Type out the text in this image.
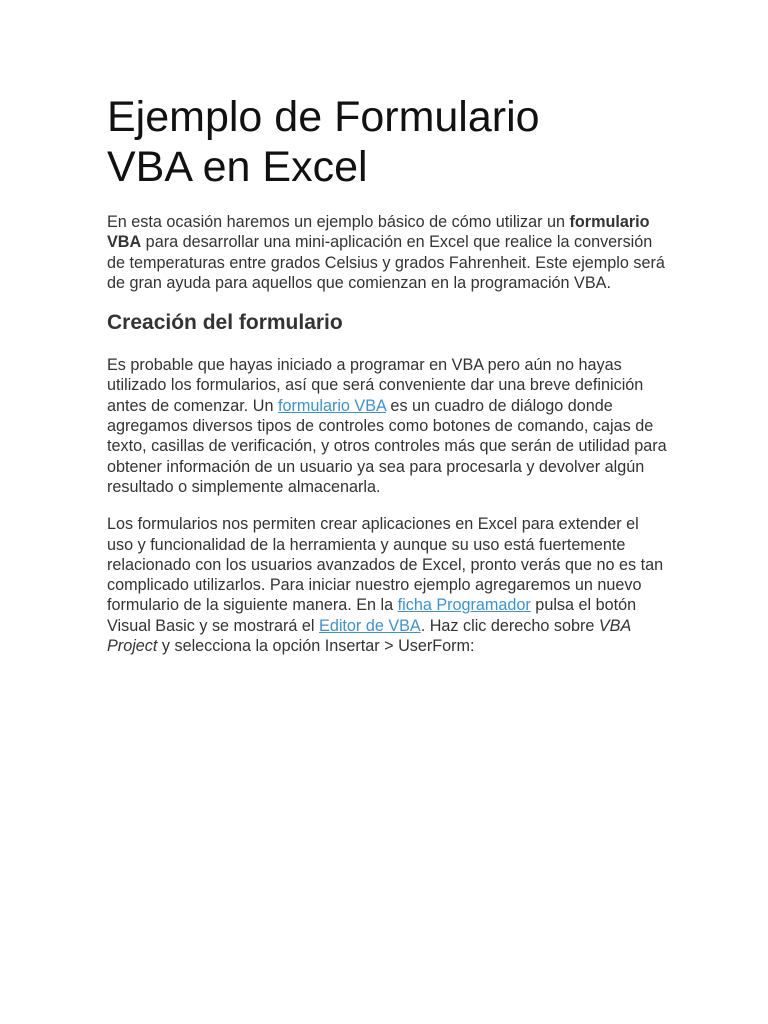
Ejemplo de Formulario
VBA en Excel

En esta ocasión haremos un ejemplo básico de cómo utilizar un formulario VBA para desarrollar una mini-aplicación en Excel que realice la conversión de temperaturas entre grados Celsius y grados Fahrenheit. Este ejemplo será de gran ayuda para aquellos que comienzan en la programación VBA.

Creación del formulario

Es probable que hayas iniciado a programar en VBA pero aún no hayas utilizado los formularios, así que será conveniente dar una breve definición antes de comenzar. Un formulario VBA es un cuadro de diálogo donde agregamos diversos tipos de controles como botones de comando, cajas de texto, casillas de verificación, y otros controles más que serán de utilidad para obtener información de un usuario ya sea para procesarla y devolver algún resultado o simplemente almacenarla.

Los formularios nos permiten crear aplicaciones en Excel para extender el uso y funcionalidad de la herramienta y aunque su uso está fuertemente relacionado con los usuarios avanzados de Excel, pronto verás que no es tan complicado utilizarlos. Para iniciar nuestro ejemplo agregaremos un nuevo formulario de la siguiente manera. En la ficha Programador pulsa el botón Visual Basic y se mostrará el Editor de VBA. Haz clic derecho sobre VBA Project y selecciona la opción Insertar > UserForm:
